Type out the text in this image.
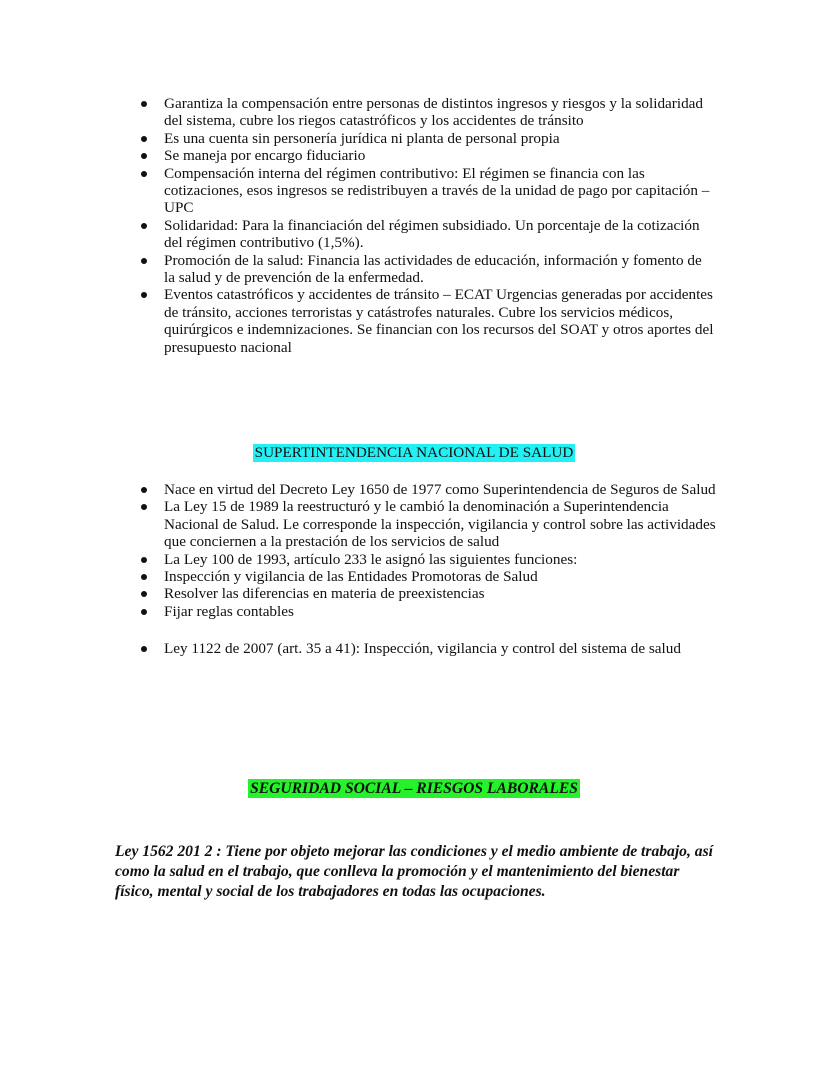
Garantiza la compensación entre personas de distintos ingresos y riesgos y la solidaridad del sistema, cubre los riegos catastróficos y los accidentes de tránsito
Es una cuenta sin personería jurídica ni planta de personal propia
Se maneja por encargo fiduciario
Compensación interna del régimen contributivo: El régimen se financia con las cotizaciones, esos ingresos se redistribuyen a través de la unidad de pago por capitación – UPC
Solidaridad: Para la financiación del régimen subsidiado. Un porcentaje de la cotización del régimen contributivo (1,5%).
Promoción de la salud: Financia las actividades de educación, información y fomento de la salud y de prevención de la enfermedad.
Eventos catastróficos y accidentes de tránsito – ECAT Urgencias generadas por accidentes de tránsito, acciones terroristas y catástrofes naturales. Cubre los servicios médicos, quirúrgicos e indemnizaciones. Se financian con los recursos del SOAT y otros aportes del presupuesto nacional
SUPERTINTENDENCIA NACIONAL DE SALUD
Nace en virtud del Decreto Ley 1650 de 1977 como Superintendencia de Seguros de Salud
La Ley 15 de 1989 la reestructuró y le cambió la denominación a Superintendencia Nacional de Salud. Le corresponde la inspección, vigilancia y control sobre las actividades que conciernen a la prestación de los servicios de salud
La Ley 100 de 1993, artículo 233 le asignó las siguientes funciones:
Inspección y vigilancia de las Entidades Promotoras de Salud
Resolver las diferencias en materia de preexistencias
Fijar reglas contables
Ley 1122 de 2007 (art. 35 a 41): Inspección, vigilancia y control del sistema de salud
SEGURIDAD SOCIAL – RIESGOS LABORALES

Ley 1562 201 2 : Tiene por objeto mejorar las condiciones y el medio ambiente de trabajo, así como la salud en el trabajo, que conlleva la promoción y el mantenimiento del bienestar físico, mental y social de los trabajadores en todas las ocupaciones.
